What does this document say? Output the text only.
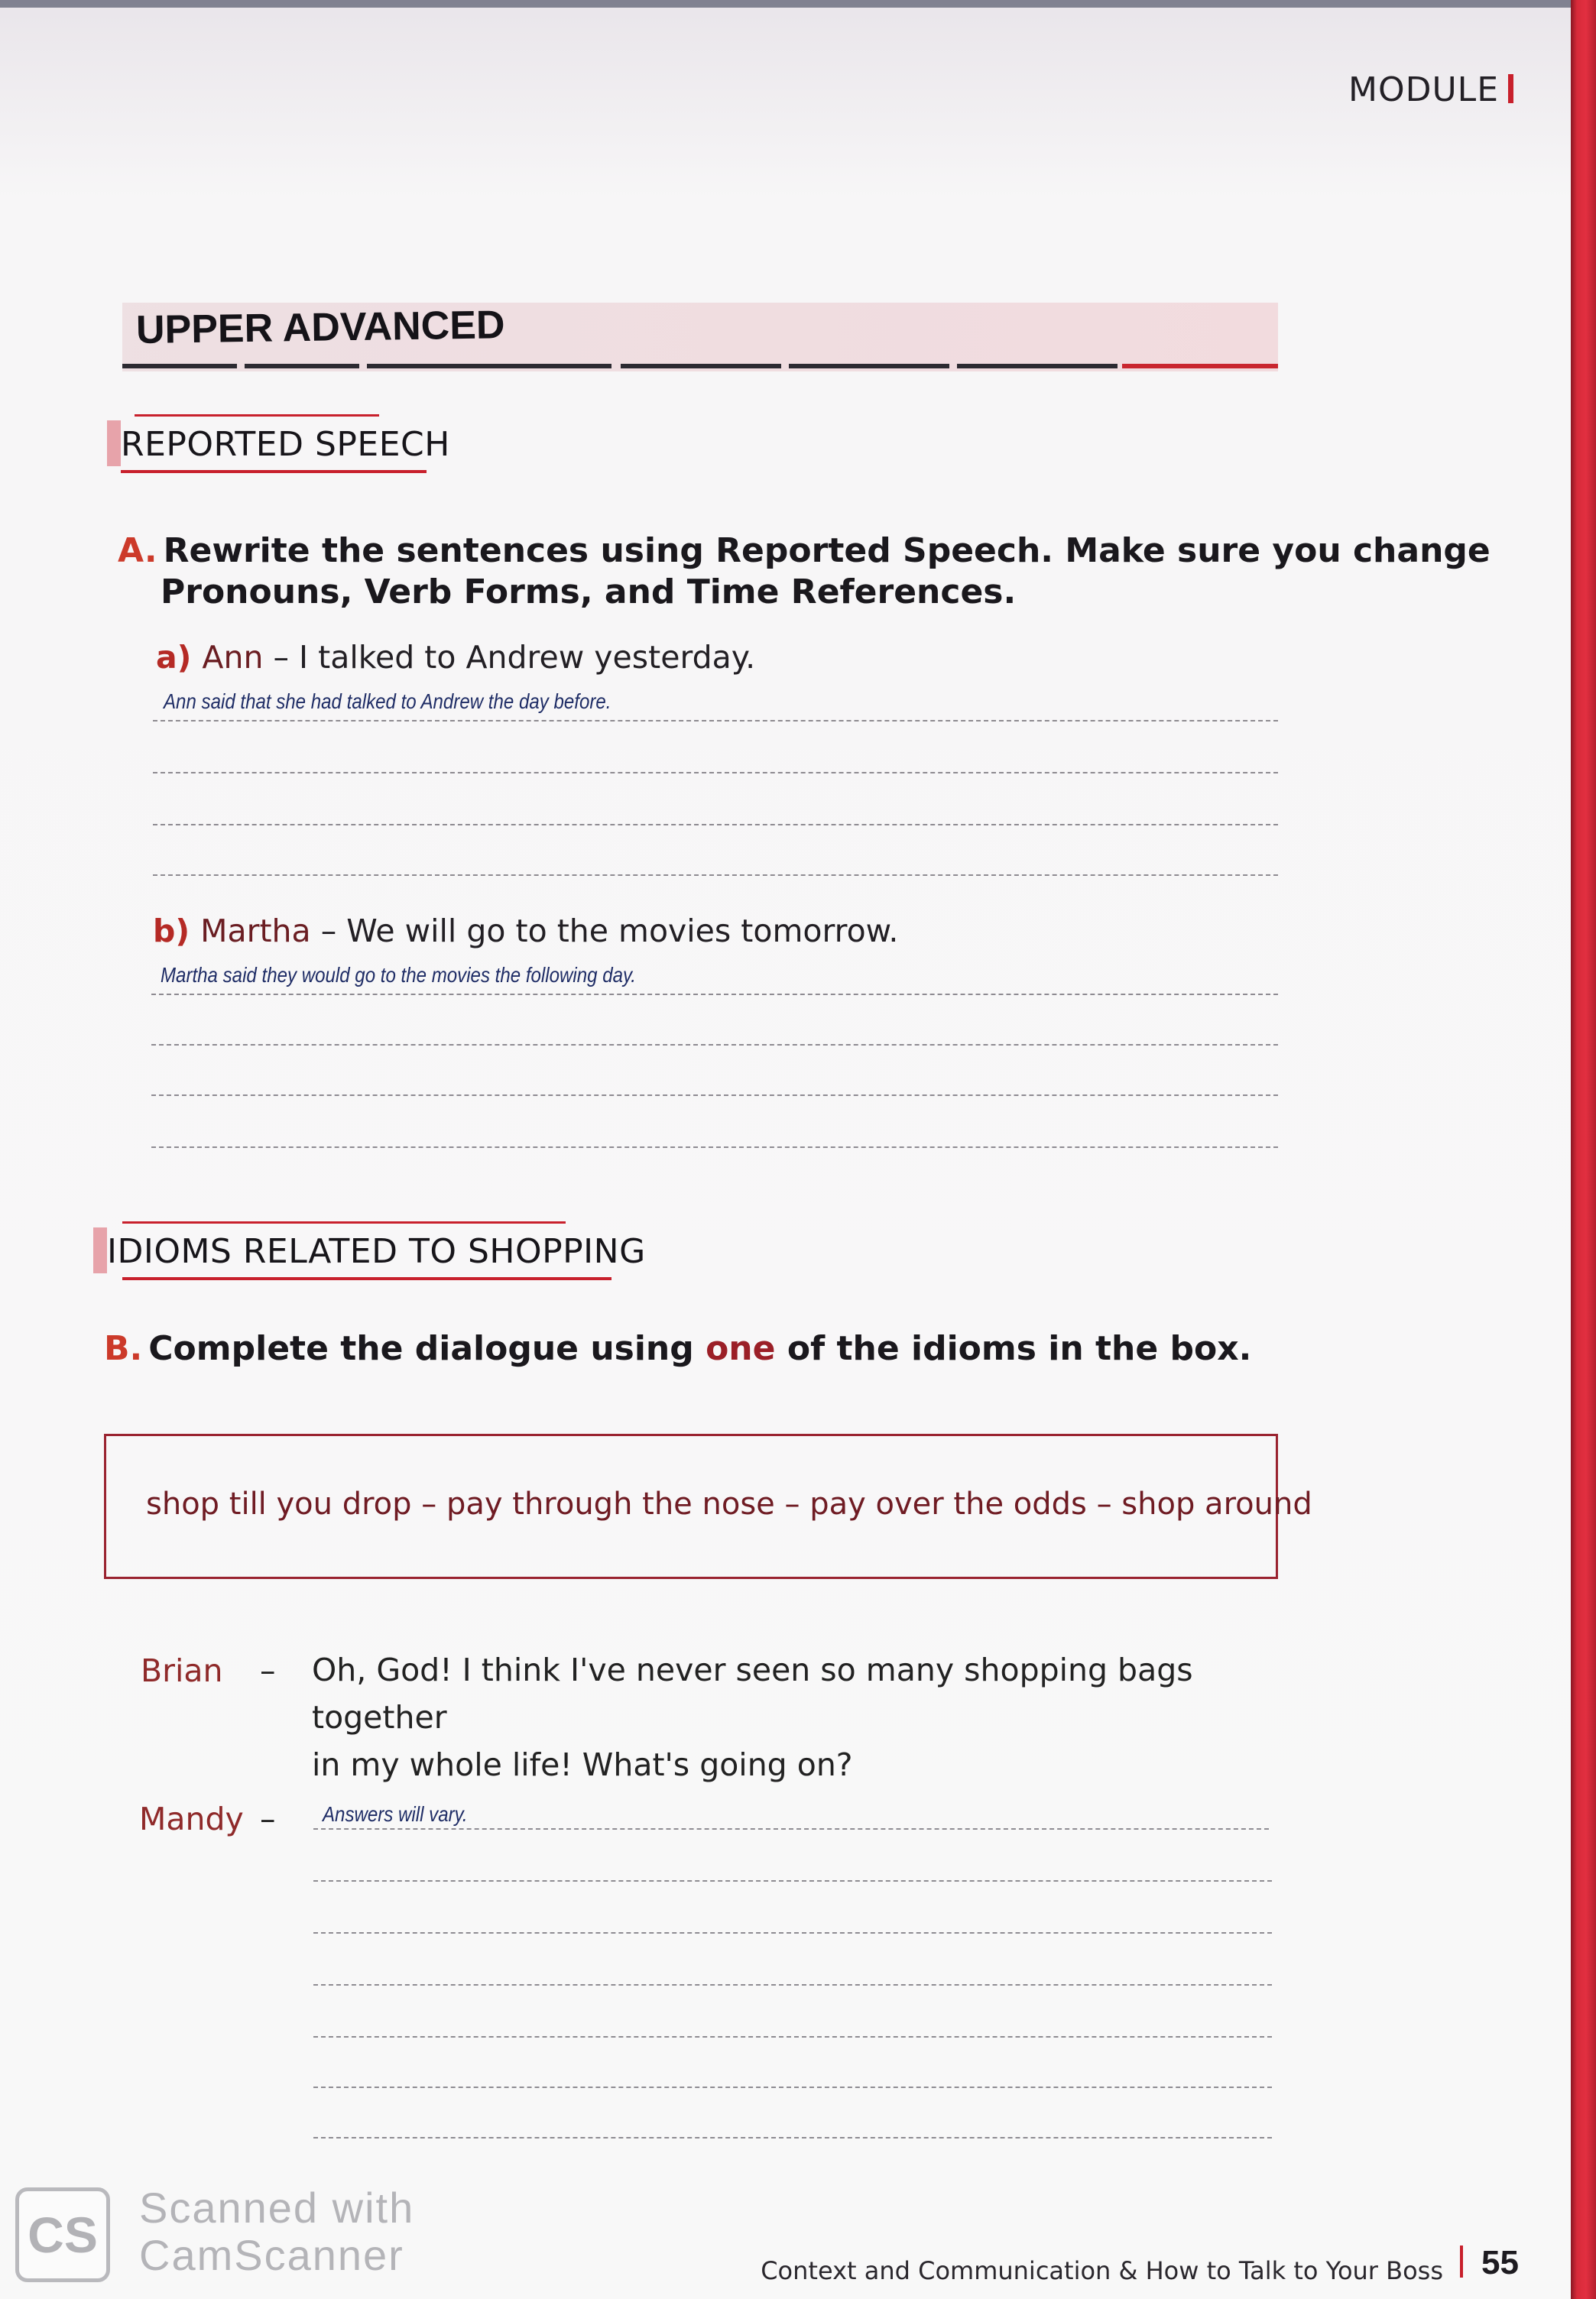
MODULE
UPPER ADVANCED
REPORTED SPEECH
A. Rewrite the sentences using Reported Speech. Make sure you change
Pronouns, Verb Forms, and Time References.
a) Ann – I talked to Andrew yesterday.
Ann said that she had talked to Andrew the day before.
b) Martha – We will go to the movies tomorrow.
Martha said they would go to the movies the following day.
IDIOMS RELATED TO SHOPPING
B. Complete the dialogue using one of the idioms in the box.
shop till you drop – pay through the nose – pay over the odds – shop around
Brian – Oh, God! I think I've never seen so many shopping bags together
in my whole life! What's going on?
Mandy – Answers will vary.
CS Scanned with
CamScanner	Context and Communication & How to Talk to Your Boss 55
